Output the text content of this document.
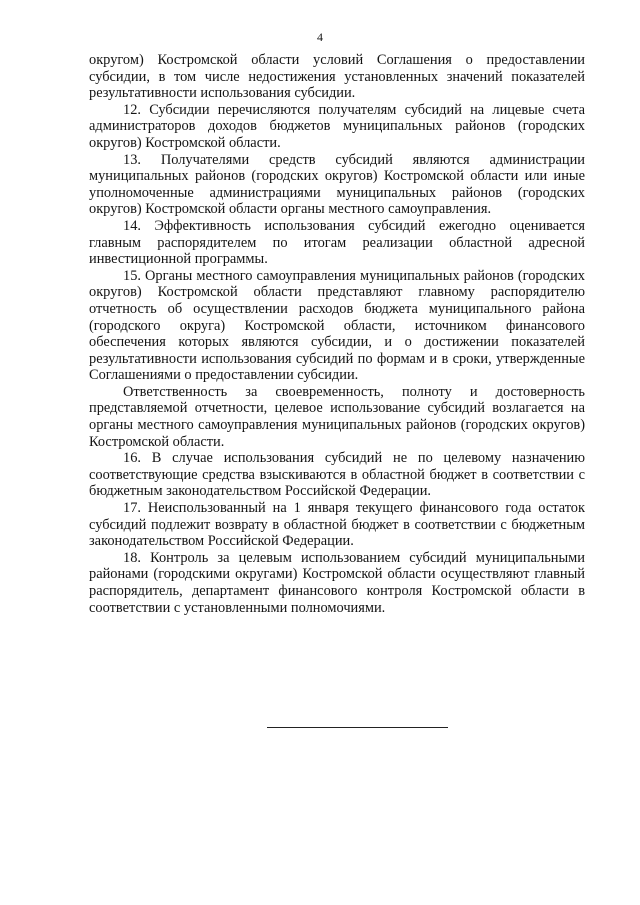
4

округом) Костромской области условий Соглашения о предоставлении субсидии, в том числе недостижения установленных значений показателей результативности использования субсидии.

12. Субсидии перечисляются получателям субсидий на лицевые счета администраторов доходов бюджетов муниципальных районов (городских округов) Костромской области.

13. Получателями средств субсидий являются администрации муниципальных районов (городских округов) Костромской области или иные уполномоченные администрациями муниципальных районов (городских округов) Костромской области органы местного самоуправления.

14. Эффективность использования субсидий ежегодно оценивается главным распорядителем по итогам реализации областной адресной инвестиционной программы.

15. Органы местного самоуправления муниципальных районов (городских округов) Костромской области представляют главному распорядителю отчетность об осуществлении расходов бюджета муниципального района (городского округа) Костромской области, источником финансового обеспечения которых являются субсидии, и о достижении показателей результативности использования субсидий по формам и в сроки, утвержденные Соглашениями о предоставлении субсидии.

Ответственность за своевременность, полноту и достоверность представляемой отчетности, целевое использование субсидий возлагается на органы местного самоуправления муниципальных районов (городских округов) Костромской области.

16. В случае использования субсидий не по целевому назначению соответствующие средства взыскиваются в областной бюджет в соответствии с бюджетным законодательством Российской Федерации.

17. Неиспользованный на 1 января текущего финансового года остаток субсидий подлежит возврату в областной бюджет в соответствии с бюджетным законодательством Российской Федерации.

18. Контроль за целевым использованием субсидий муниципальными районами (городскими округами) Костромской области осуществляют главный распорядитель, департамент финансового контроля Костромской области в соответствии с установленными полномочиями.
